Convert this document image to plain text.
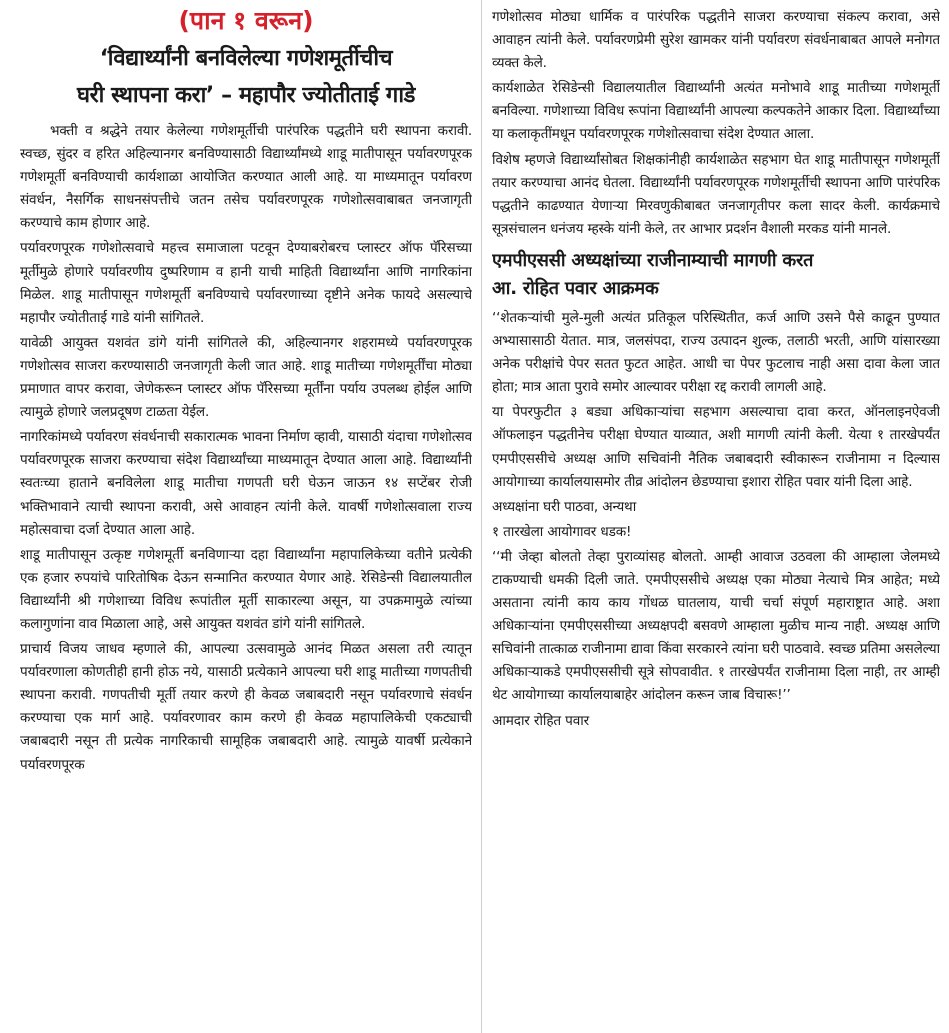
(पान १ वरून)
‘विद्यार्थ्यांनी बनविलेल्या गणेशमूर्तीचीच
घरी स्थापना करा’ – महापौर ज्योतीताई गाडे

भक्ती व श्रद्धेने तयार केलेल्या गणेशमूर्तीची पारंपरिक पद्धतीने घरी स्थापना करावी. स्वच्छ, सुंदर व हरित अहिल्यानगर बनविण्यासाठी विद्यार्थ्यांमध्ये शाडू मातीपासून पर्यावरणपूरक गणेशमूर्ती बनविण्याची कार्यशाळा आयोजित करण्यात आली आहे. या माध्यमातून पर्यावरण संवर्धन, नैसर्गिक साधनसंपत्तीचे जतन तसेच पर्यावरणपूरक गणेशोत्सवाबाबत जनजागृती करण्याचे काम होणार आहे.

पर्यावरणपूरक गणेशोत्सवाचे महत्त्व समाजाला पटवून देण्याबरोबरच प्लास्टर ऑफ पॅरिसच्या मूर्तीमुळे होणारे पर्यावरणीय दुष्परिणाम व हानी याची माहिती विद्यार्थ्यांना आणि नागरिकांना मिळेल. शाडू मातीपासून गणेशमूर्ती बनविण्याचे पर्यावरणाच्या दृष्टीने अनेक फायदे असल्याचे महापौर ज्योतीताई गाडे यांनी सांगितले.

यावेळी आयुक्त यशवंत डांगे यांनी सांगितले की, अहिल्यानगर शहरामध्ये पर्यावरणपूरक गणेशोत्सव साजरा करण्यासाठी जनजागृती केली जात आहे. शाडू मातीच्या गणेशमूर्तींचा मोठ्या प्रमाणात वापर करावा, जेणेकरून प्लास्टर ऑफ पॅरिसच्या मूर्तींना पर्याय उपलब्ध होईल आणि त्यामुळे होणारे जलप्रदूषण टाळता येईल.

नागरिकांमध्ये पर्यावरण संवर्धनाची सकारात्मक भावना निर्माण व्हावी, यासाठी यंदाचा गणेशोत्सव पर्यावरणपूरक साजरा करण्याचा संदेश विद्यार्थ्यांच्या माध्यमातून देण्यात आला आहे. विद्यार्थ्यांनी स्वतःच्या हाताने बनविलेला शाडू मातीचा गणपती घरी घेऊन जाऊन १४ सप्टेंबर रोजी भक्तिभावाने त्याची स्थापना करावी, असे आवाहन त्यांनी केले. यावर्षी गणेशोत्सवाला राज्य महोत्सवाचा दर्जा देण्यात आला आहे.

शाडू मातीपासून उत्कृष्ट गणेशमूर्ती बनविणाऱ्या दहा विद्यार्थ्यांना महापालिकेच्या वतीने प्रत्येकी एक हजार रुपयांचे पारितोषिक देऊन सन्मानित करण्यात येणार आहे. रेसिडेन्सी विद्यालयातील विद्यार्थ्यांनी श्री गणेशाच्या विविध रूपांतील मूर्ती साकारल्या असून, या उपक्रमामुळे त्यांच्या कलागुणांना वाव मिळाला आहे, असे आयुक्त यशवंत डांगे यांनी सांगितले.

प्राचार्य विजय जाधव म्हणाले की, आपल्या उत्सवामुळे आनंद मिळत असला तरी त्यातून पर्यावरणाला कोणतीही हानी होऊ नये, यासाठी प्रत्येकाने आपल्या घरी शाडू मातीच्या गणपतीची स्थापना करावी. गणपतीची मूर्ती तयार करणे ही केवळ जबाबदारी नसून पर्यावरणाचे संवर्धन करण्याचा एक मार्ग आहे. पर्यावरणावर काम करणे ही केवळ महापालिकेची एकट्याची जबाबदारी नसून ती प्रत्येक नागरिकाची सामूहिक जबाबदारी आहे. त्यामुळे यावर्षी प्रत्येकाने पर्यावरणपूरक

गणेशोत्सव मोठ्या धार्मिक व पारंपरिक पद्धतीने साजरा करण्याचा संकल्प करावा, असे आवाहन त्यांनी केले. पर्यावरणप्रेमी सुरेश खामकर यांनी पर्यावरण संवर्धनाबाबत आपले मनोगत व्यक्त केले.

कार्यशाळेत रेसिडेन्सी विद्यालयातील विद्यार्थ्यांनी अत्यंत मनोभावे शाडू मातीच्या गणेशमूर्ती बनविल्या. गणेशाच्या विविध रूपांना विद्यार्थ्यांनी आपल्या कल्पकतेने आकार दिला. विद्यार्थ्यांच्या या कलाकृतींमधून पर्यावरणपूरक गणेशोत्सवाचा संदेश देण्यात आला.

विशेष म्हणजे विद्यार्थ्यांसोबत शिक्षकांनीही कार्यशाळेत सहभाग घेत शाडू मातीपासून गणेशमूर्ती तयार करण्याचा आनंद घेतला. विद्यार्थ्यांनी पर्यावरणपूरक गणेशमूर्तीची स्थापना आणि पारंपरिक पद्धतीने काढण्यात येणाऱ्या मिरवणुकीबाबत जनजागृतीपर कला सादर केली. कार्यक्रमाचे सूत्रसंचालन धनंजय म्हस्के यांनी केले, तर आभार प्रदर्शन वैशाली मरकड यांनी मानले.

एमपीएससी अध्यक्षांच्या राजीनाम्याची मागणी करत
आ. रोहित पवार आक्रमक

‘‘शेतकऱ्यांची मुले-मुली अत्यंत प्रतिकूल परिस्थितीत, कर्ज आणि उसने पैसे काढून पुण्यात अभ्यासासाठी येतात. मात्र, जलसंपदा, राज्य उत्पादन शुल्क, तलाठी भरती, आणि यांसारख्या अनेक परीक्षांचे पेपर सतत फुटत आहेत. आधी चा पेपर फुटलाच नाही असा दावा केला जात होता; मात्र आता पुरावे समोर आल्यावर परीक्षा रद्द करावी लागली आहे.

या पेपरफुटीत ३ बड्या अधिकाऱ्यांचा सहभाग असल्याचा दावा करत, ऑनलाइनऐवजी ऑफलाइन पद्धतीनेच परीक्षा घेण्यात याव्यात, अशी मागणी त्यांनी केली. येत्या १ तारखेपर्यंत एमपीएससीचे अध्यक्ष आणि सचिवांनी नैतिक जबाबदारी स्वीकारून राजीनामा न दिल्यास आयोगाच्या कार्यालयासमोर तीव्र आंदोलन छेडण्याचा इशारा रोहित पवार यांनी दिला आहे.

अध्यक्षांना घरी पाठवा, अन्यथा

१ तारखेला आयोगावर धडक!

‘‘मी जेव्हा बोलतो तेव्हा पुराव्यांसह बोलतो. आम्ही आवाज उठवला की आम्हाला जेलमध्ये टाकण्याची धमकी दिली जाते. एमपीएससीचे अध्यक्ष एका मोठ्या नेत्याचे मित्र आहेत; मध्ये असताना त्यांनी काय काय गोंधळ घातलाय, याची चर्चा संपूर्ण महाराष्ट्रात आहे. अशा अधिकाऱ्यांना एमपीएससीच्या अध्यक्षपदी बसवणे आम्हाला मुळीच मान्य नाही. अध्यक्ष आणि सचिवांनी तात्काळ राजीनामा द्यावा किंवा सरकारने त्यांना घरी पाठवावे. स्वच्छ प्रतिमा असलेल्या अधिकाऱ्याकडे एमपीएससीची सूत्रे सोपवावीत. १ तारखेपर्यंत राजीनामा दिला नाही, तर आम्ही थेट आयोगाच्या कार्यालयाबाहेर आंदोलन करून जाब विचारू!’’

आमदार रोहित पवार
